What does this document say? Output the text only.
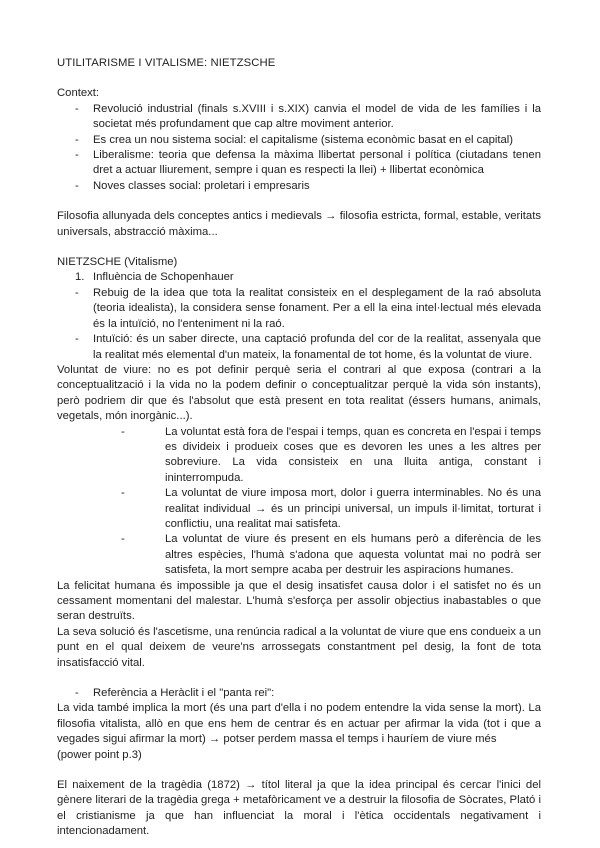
UTILITARISME I VITALISME: NIETZSCHE

Context:

- Revolució industrial (finals s.XVIII i s.XIX) canvia el model de vida de les famílies i la societat més profundament que cap altre moviment anterior.
- Es crea un nou sistema social: el capitalisme (sistema econòmic basat en el capital)
- Liberalisme: teoria que defensa la màxima llibertat personal i política (ciutadans tenen dret a actuar lliurement, sempre i quan es respecti la llei) + llibertat econòmica
- Noves classes social: proletari i empresaris

Filosofia allunyada dels conceptes antics i medievals → filosofia estricta, formal, estable, veritats universals, abstracció màxima...

NIETZSCHE (Vitalisme)

1. Influència de Schopenhauer
- Rebuig de la idea que tota la realitat consisteix en el desplegament de la raó absoluta (teoria idealista), la considera sense fonament. Per a ell la eina intel·lectual més elevada és la intuïció, no l'enteniment ni la raó.
- Intuïció: és un saber directe, una captació profunda del cor de la realitat, assenyala que la realitat més elemental d'un mateix, la fonamental de tot home, és la voluntat de viure.

Voluntat de viure: no es pot definir perquè seria el contrari al que exposa (contrari a la conceptualització i la vida no la podem definir o conceptualitzar perquè la vida són instants), però podriem dir que és l'absolut que està present en tota realitat (éssers humans, animals, vegetals, món inorgànic...).

-	La voluntat està fora de l'espai i temps, quan es concreta en l'espai i temps es divideix i produeix coses que es devoren les unes a les altres per sobreviure. La vida consisteix en una lluita antiga, constant i ininterrompuda.
-	La voluntat de viure imposa mort, dolor i guerra interminables. No és una realitat individual → és un principi universal, un impuls il·limitat, torturat i conflictiu, una realitat mai satisfeta.
-	La voluntat de viure és present en els humans però a diferència de les altres espècies, l'humà s'adona que aquesta voluntat mai no podrà ser satisfeta, la mort sempre acaba per destruir les aspiracions humanes.

La felicitat humana és impossible ja que el desig insatisfet causa dolor i el satisfet no és un cessament momentani del malestar. L'humà s'esforça per assolir objectius inabastables o que seran destruïts.

La seva solució és l'ascetisme, una renúncia radical a la voluntat de viure que ens condueix a un punt en el qual deixem de veure'ns arrossegats constantment pel desig, la font de tota insatisfacció vital.

- Referència a Heràclit i el "panta rei":

La vida també implica la mort (és una part d'ella i no podem entendre la vida sense la mort). La filosofia vitalista, allò en que ens hem de centrar és en actuar per afirmar la vida (tot i que a vegades sigui afirmar la mort) → potser perdem massa el temps i hauríem de viure més

(power point p.3)

El naixement de la tragèdia (1872) → títol literal ja que la idea principal és cercar l'inici del gènere literari de la tragèdia grega + metafòricament ve a destruir la filosofia de Sòcrates, Plató i el cristianisme ja que han influenciat la moral i l'ètica occidentals negativament i intencionadament.
